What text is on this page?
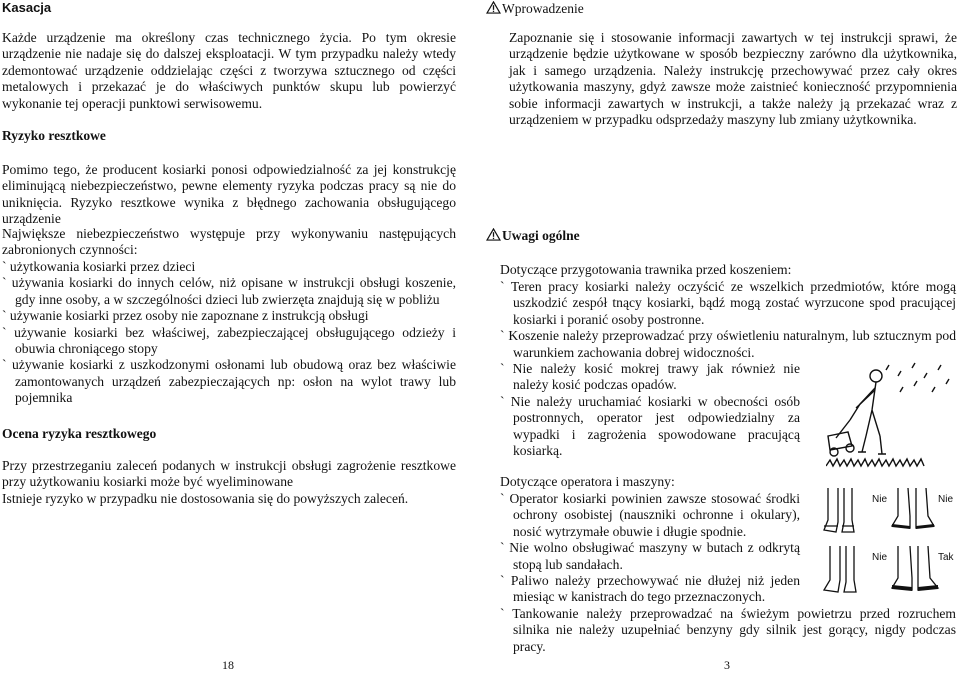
Kasacja

Każde urządzenie ma określony czas technicznego życia. Po tym okresie urządzenie nie nadaje się do dalszej eksploatacji. W tym przypadku należy wtedy zdemontować urządzenie oddzielając części z tworzywa sztucznego od części metalowych i przekazać je do właściwych punktów skupu lub powierzyć wykonanie tej operacji punktowi serwisowemu.

Ryzyko resztkowe

Pomimo tego, że producent kosiarki ponosi odpowiedzialność za jej konstrukcję eliminującą niebezpieczeństwo, pewne elementy ryzyka podczas pracy są nie do uniknięcia. Ryzyko resztkowe wynika z błędnego zachowania obsługującego urządzenie

Największe niebezpieczeństwo występuje przy wykonywaniu następujących zabronionych czynności:

` użytkowania kosiarki przez dzieci
` używania kosiarki do innych celów, niż opisane w instrukcji obsługi koszenie, gdy inne osoby, a w szczególności dzieci lub zwierzęta znajdują się w pobliżu
` używanie kosiarki przez osoby nie zapoznane z instrukcją obsługi
` używanie kosiarki bez właściwej, zabezpieczającej obsługującego odzieży i obuwia chroniącego stopy
` używanie kosiarki z uszkodzonymi osłonami lub obudową oraz bez właściwie zamontowanych urządzeń zabezpieczających np: osłon na wylot trawy lub pojemnika
Ocena ryzyka resztkowego

Przy przestrzeganiu zaleceń podanych w instrukcji obsługi zagrożenie resztkowe przy użytkowaniu kosiarki może być wyeliminowane

Istnieje ryzyko w przypadku nie dostosowania się do powyższych zaleceń.

18
Wprowadzenie

Zapoznanie się i stosowanie informacji zawartych w tej instrukcji sprawi, że urządzenie będzie użytkowane w sposób bezpieczny zarówno dla użytkownika, jak i samego urządzenia. Należy instrukcję przechowywać przez cały okres użytkowania maszyny, gdyż zawsze może zaistnieć konieczność przypomnienia sobie informacji zawartych w instrukcji, a także należy ją przekazać wraz z urządzeniem w przypadku odsprzedaży maszyny lub zmiany użytkownika.

Uwagi ogólne

Dotyczące przygotowania trawnika przed koszeniem:

` Teren pracy kosiarki należy oczyścić ze wszelkich przedmiotów, które mogą uszkodzić zespół tnący kosiarki, bądź mogą zostać wyrzucone spod pracującej kosiarki i poranić osoby postronne.
` Koszenie należy przeprowadzać przy oświetleniu naturalnym, lub sztucznym pod warunkiem zachowania dobrej widoczności.
` Nie należy kosić mokrej trawy jak również nie należy kosić podczas opadów.
` Nie należy uruchamiać kosiarki w obecności osób postronnych, operator jest odpowiedzialny za wypadki i zagrożenia spowodowane pracującą kosiarką.

Dotyczące operatora i maszyny:

` Operator kosiarki powinien zawsze stosować środki ochrony osobistej (nauszniki ochronne i okulary), nosić wytrzymałe obuwie i długie spodnie.
` Nie wolno obsługiwać maszyny w butach z odkrytą stopą lub sandałach.
` Paliwo należy przechowywać nie dłużej niż jeden miesiąc w kanistrach do tego przeznaczonych.
` Tankowanie należy przeprowadzać na świeżym powietrzu przed rozruchem silnika nie należy uzupełniać benzyny gdy silnik jest gorący, nigdy podczas pracy.
3
Nie	Nie
Nie	Tak
